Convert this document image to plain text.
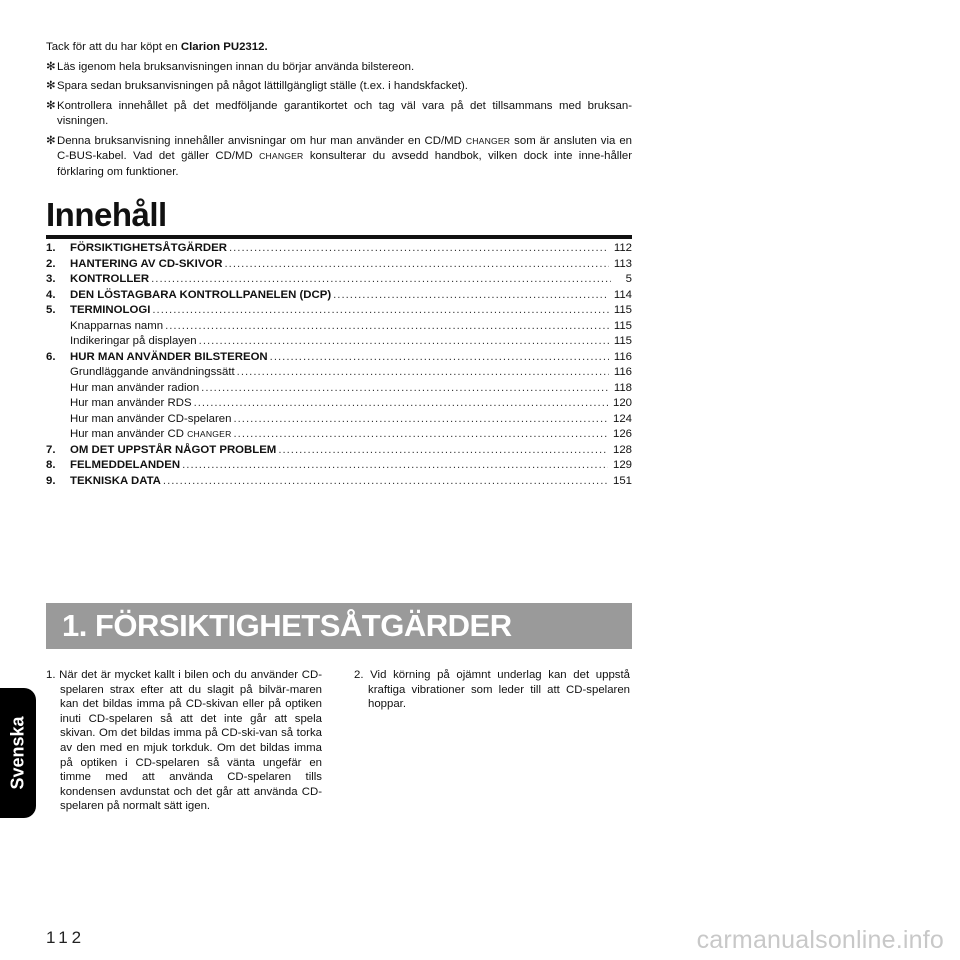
Tack för att du har köpt en Clarion PU2312.

✻Läs igenom hela bruksanvisningen innan du börjar använda bilstereon.

✻Spara sedan bruksanvisningen på något lättillgängligt ställe (t.ex. i handskfacket).

✻Kontrollera innehållet på det medföljande garantikortet och tag väl vara på det tillsammans med bruksan-visningen.

✻Denna bruksanvisning innehåller anvisningar om hur man använder en CD/MD CHANGER som är ansluten via en C-BUS-kabel. Vad det gäller CD/MD CHANGER konsulterar du avsedd handbok, vilken dock inte inne-håller förklaring om funktioner.

Innehåll
1.	FÖRSIKTIGHETSÅTGÄRDER .....	112
2.	HANTERING AV CD-SKIVOR .....	113
3.	KONTROLLER .....	5
4.	DEN LÖSTAGBARA KONTROLLPANELEN (DCP) .....	114
5.	TERMINOLOGI .....	115
Knapparnas namn .....	115
Indikeringar på displayen .....	115
6.	HUR MAN ANVÄNDER BILSTEREON .....	116
Grundläggande användningssätt .....	116
Hur man använder radion .....	118
Hur man använder RDS .....	120
Hur man använder CD-spelaren .....	124
Hur man använder CD CHANGER .....	126
7.	OM DET UPPSTÅR NÅGOT PROBLEM .....	128
8.	FELMEDDELANDEN .....	129
9.	TEKNISKA DATA .....	151
1. FÖRSIKTIGHETSÅTGÄRDER

1. När det är mycket kallt i bilen och du använder CD-spelaren strax efter att du slagit på bilvär-maren kan det bildas imma på CD-skivan eller på optiken inuti CD-spelaren så att det inte går att spela skivan. Om det bildas imma på CD-ski-van så torka av den med en mjuk torkduk. Om det bildas imma på optiken i CD-spelaren så vänta ungefär en timme med att använda CD-spelaren tills kondensen avdunstat och det går att använda CD-spelaren på normalt sätt igen.

2. Vid körning på ojämnt underlag kan det uppstå kraftiga vibrationer som leder till att CD-spelaren hoppar.

Svenska
112	carmanualsonline.info
